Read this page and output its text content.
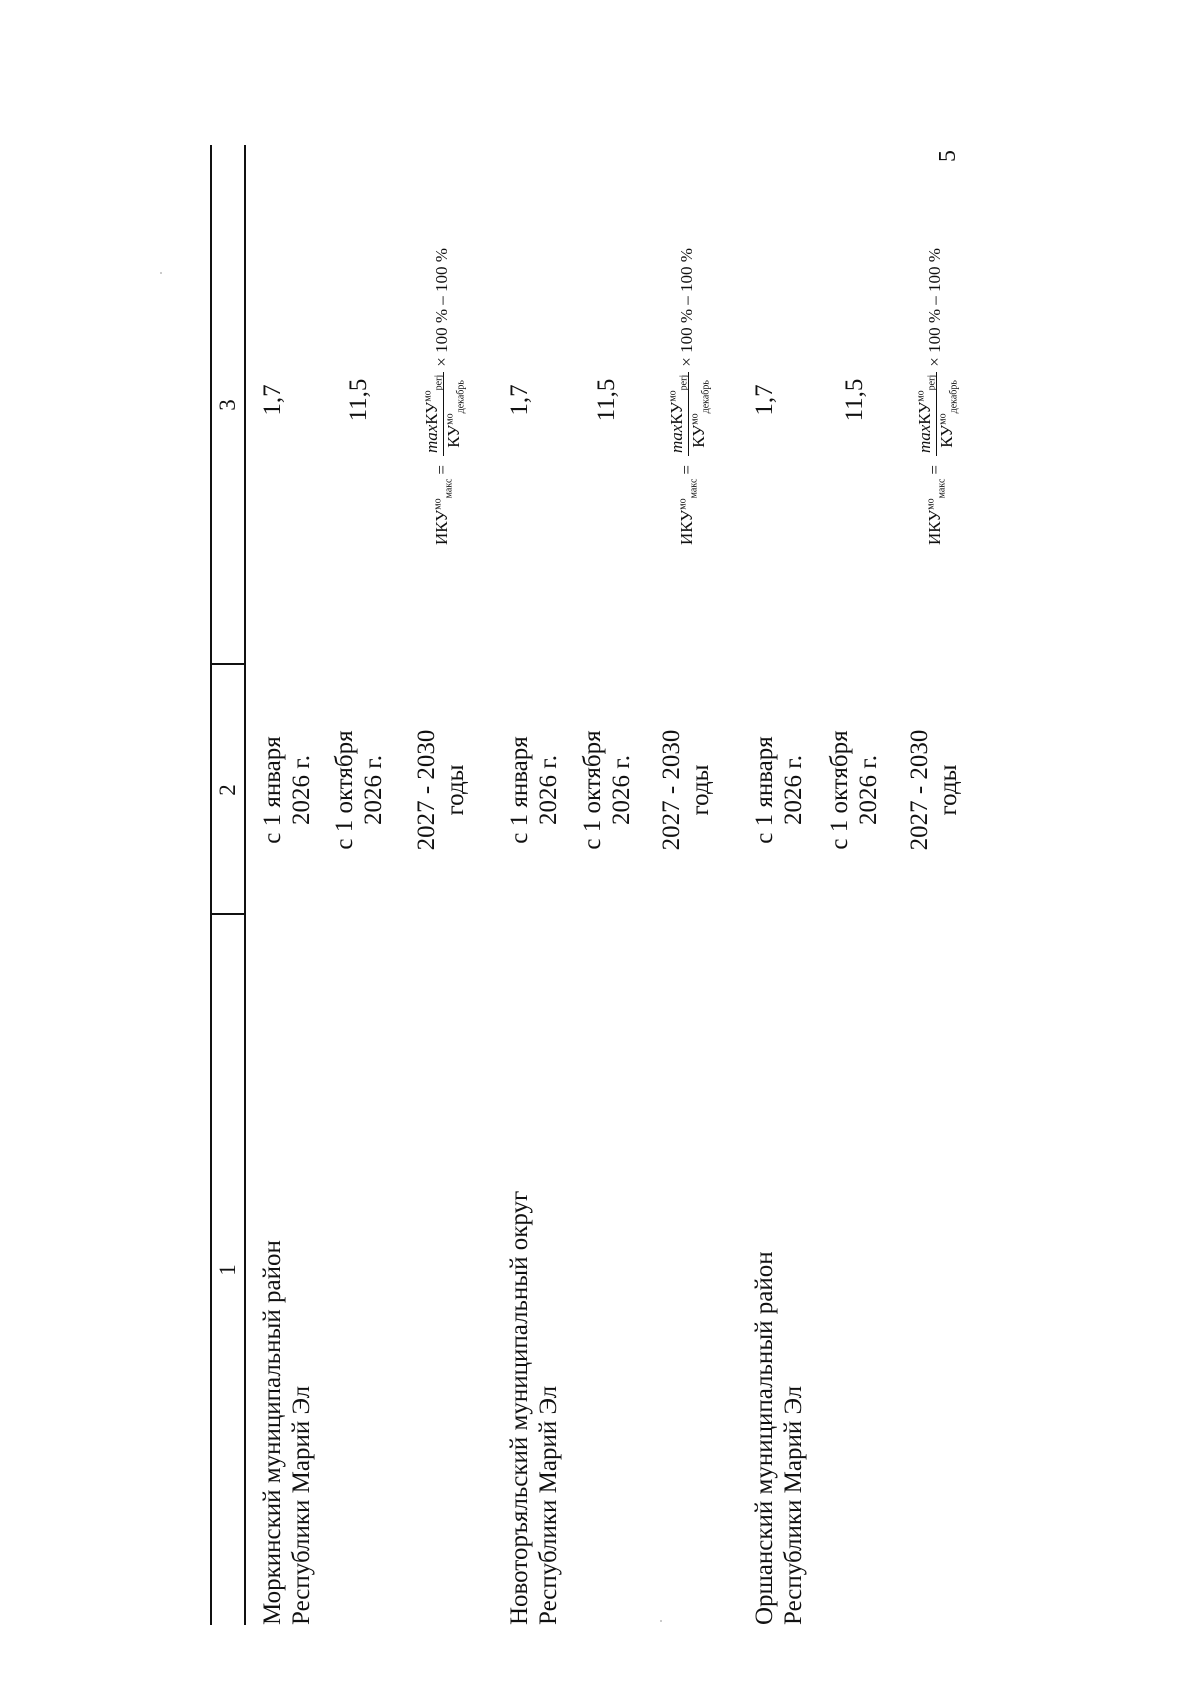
5
1
2
3
Моркинский муниципальный район Республики Марий Эл
с 1 января 2026 г.
1,7
с 1 октября 2026 г.
11,5
2027 - 2030 годы
$ИКУ^{мо}_{макс}$
=
maxКУ$^{мо}_{perj}$
$КУ^{мо}_{декабрь}$
× 100 % – 100 %
Новоторъяльский муниципальный округ Республики Марий Эл
с 1 января 2026 г.
1,7
с 1 октября 2026 г.
11,5
2027 - 2030 годы
$ИКУ^{мо}_{макс}$
=
maxКУ$^{мо}_{perj}$
$КУ^{мо}_{декабрь}$
× 100 % – 100 %
Оршанский муниципальный район Республики Марий Эл
с 1 января 2026 г.
1,7
с 1 октября 2026 г.
11,5
2027 - 2030 годы
$ИКУ^{мо}_{макс}$
=
maxКУ$^{мо}_{perj}$
$КУ^{мо}_{декабрь}$
× 100 % – 100 %
